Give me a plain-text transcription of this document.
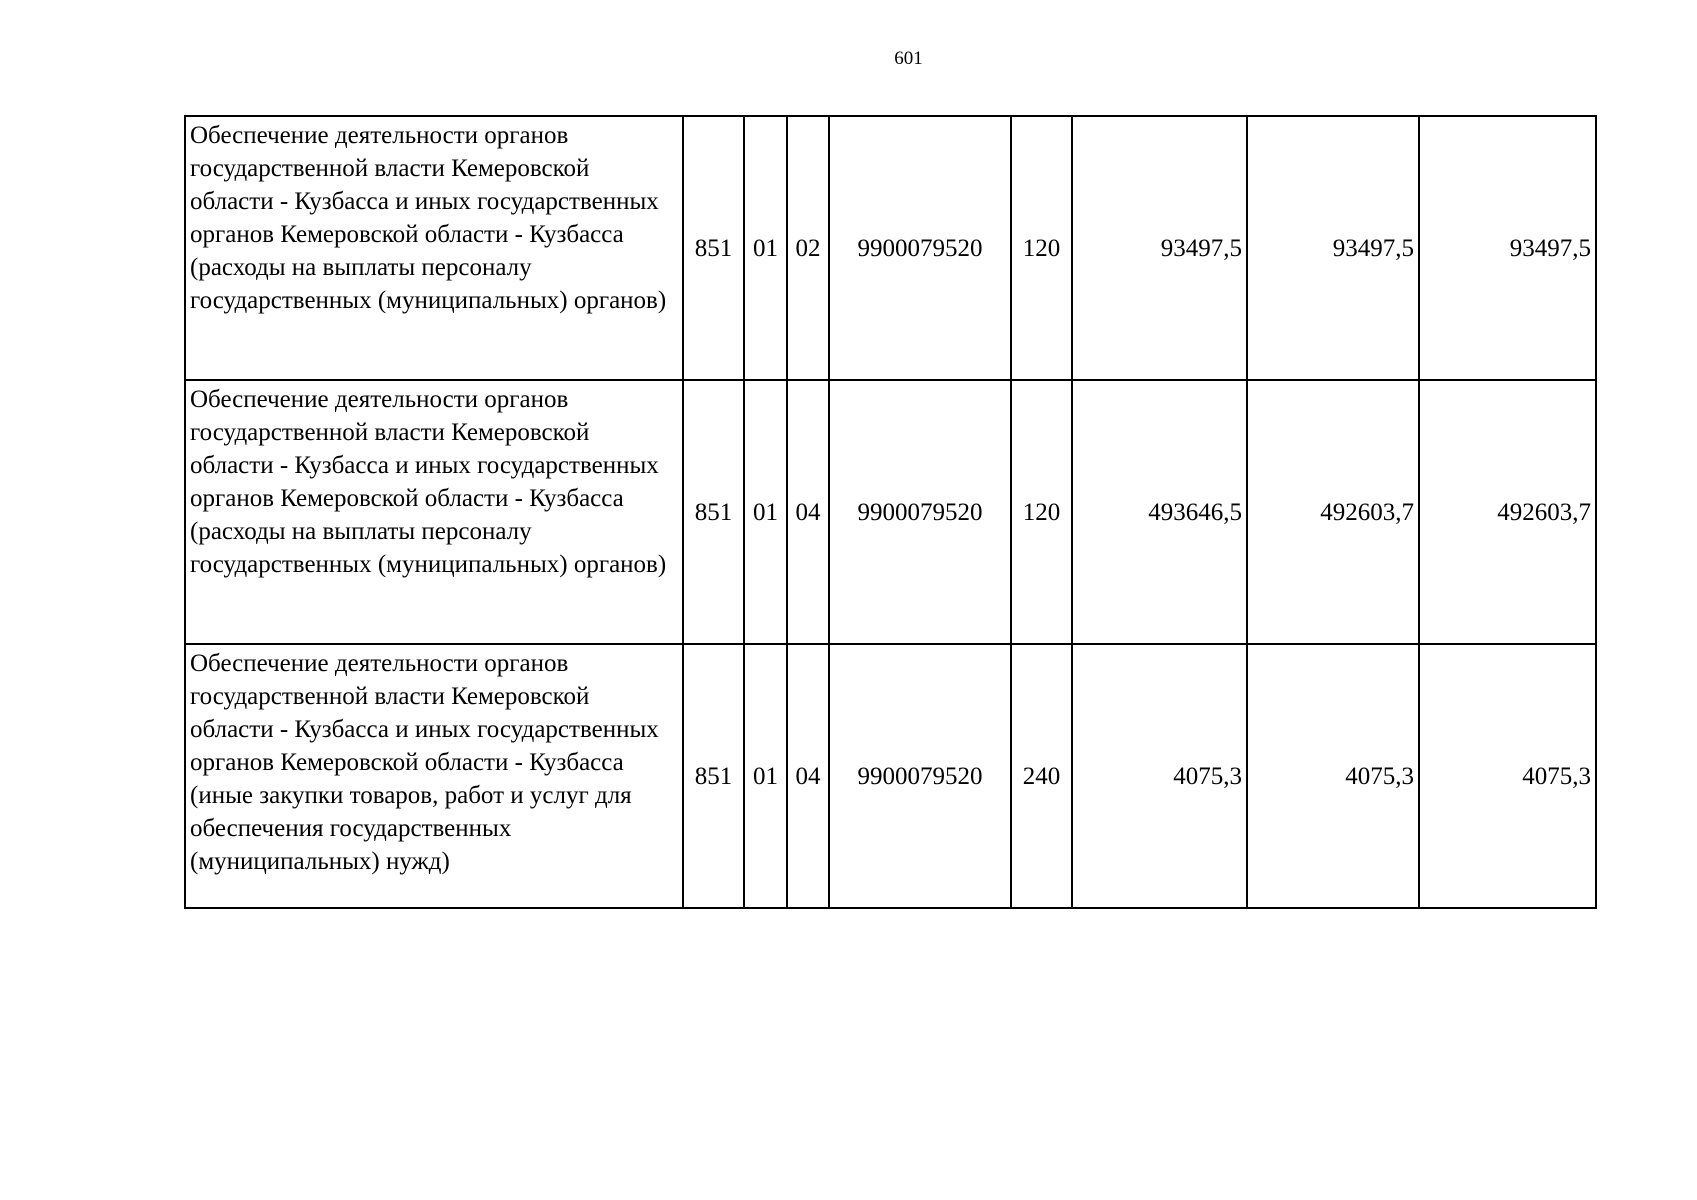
601
Обеспечение деятельности органов государственной власти Кемеровской области - Кузбасса и иных государственных органов Кемеровской области - Кузбасса (расходы на выплаты персоналу государственных (муниципальных) органов)	851	01	02	9900079520	120	93497,5	93497,5	93497,5
Обеспечение деятельности органов государственной власти Кемеровской области - Кузбасса и иных государственных органов Кемеровской области - Кузбасса (расходы на выплаты персоналу государственных (муниципальных) органов)	851	01	04	9900079520	120	493646,5	492603,7	492603,7
Обеспечение деятельности органов государственной власти Кемеровской области - Кузбасса и иных государственных органов Кемеровской области - Кузбасса (иные закупки товаров, работ и услуг для обеспечения государственных (муниципальных) нужд)	851	01	04	9900079520	240	4075,3	4075,3	4075,3
